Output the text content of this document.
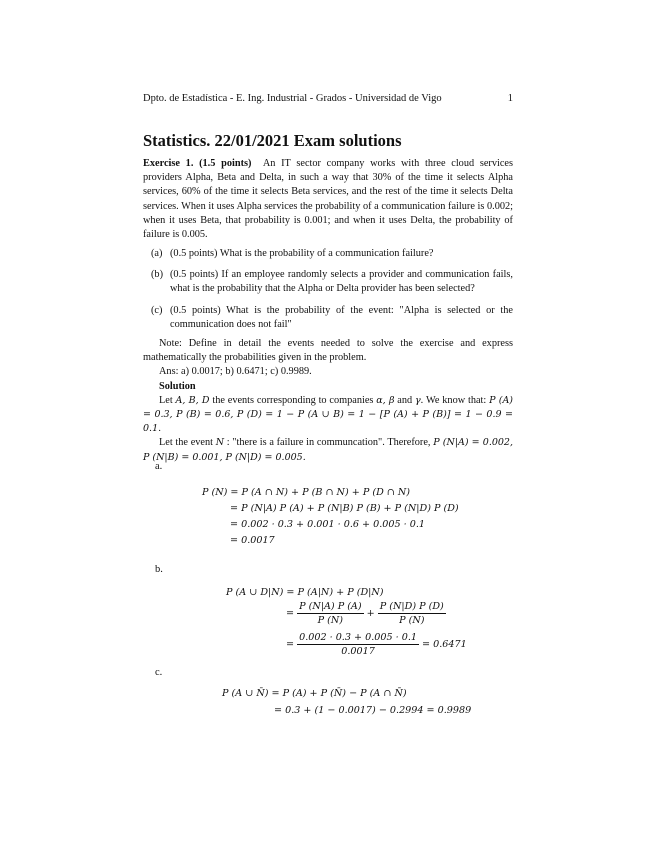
Dpto. de Estadística - E. Ing. Industrial - Grados - Universidad de Vigo	1
Statistics. 22/01/2021 Exam solutions

Exercise 1. (1.5 points) An IT sector company works with three cloud services providers Alpha, Beta and Delta, in such a way that 30% of the time it selects Alpha services, 60% of the time it selects Beta services, and the rest of the time it selects Delta services. When it uses Alpha services the probability of a communication failure is 0.002; when it uses Beta, that probability is 0.001; and when it uses Delta, the probability of failure is 0.005.

(a) (0.5 points) What is the probability of a communication failure?
(b) (0.5 points) If an employee randomly selects a provider and communication fails, what is the probability that the Alpha or Delta provider has been selected?
(c) (0.5 points) What is the probability of the event: "Alpha is selected or the communication does not fail"

Note: Define in detail the events needed to solve the exercise and express mathematically the probabilities given in the problem.

Ans: a) 0.0017; b) 0.6471; c) 0.9989.

Solution

Let A, B, D the events corresponding to companies α, β and γ. We know that: P (A) = 0.3, P (B) = 0.6, P (D) = 1 − P (A ∪ B) = 1 − [P (A) + P (B)] = 1 − 0.9 = 0.1.

Let the event N : "there is a failure in communcation". Therefore, P (N|A) = 0.002, P (N|B) = 0.001, P (N|D) = 0.005.

a.
P (N) = P (A ∩ N) + P (B ∩ N) + P (D ∩ N)
= P (N|A) P (A) + P (N|B) P (B) + P (N|D) P (D)
= 0.002 · 0.3 + 0.001 · 0.6 + 0.005 · 0.1
= 0.0017
b.
P (A ∪ D|N) = P (A|N) + P (D|N)
= $\frac{P (N|A) P (A)}{P (N)} + \frac{P (N|D) P (D)}{P (N)}$
= $\frac{0.002 \cdot 0.3 + 0.005 \cdot 0.1}{0.0017} = 0.6471$
c.
P (A ∪ N̄) = P (A) + P (N̄) − P (A ∩ N̄)
= 0.3 + (1 − 0.0017) − 0.2994 = 0.9989
